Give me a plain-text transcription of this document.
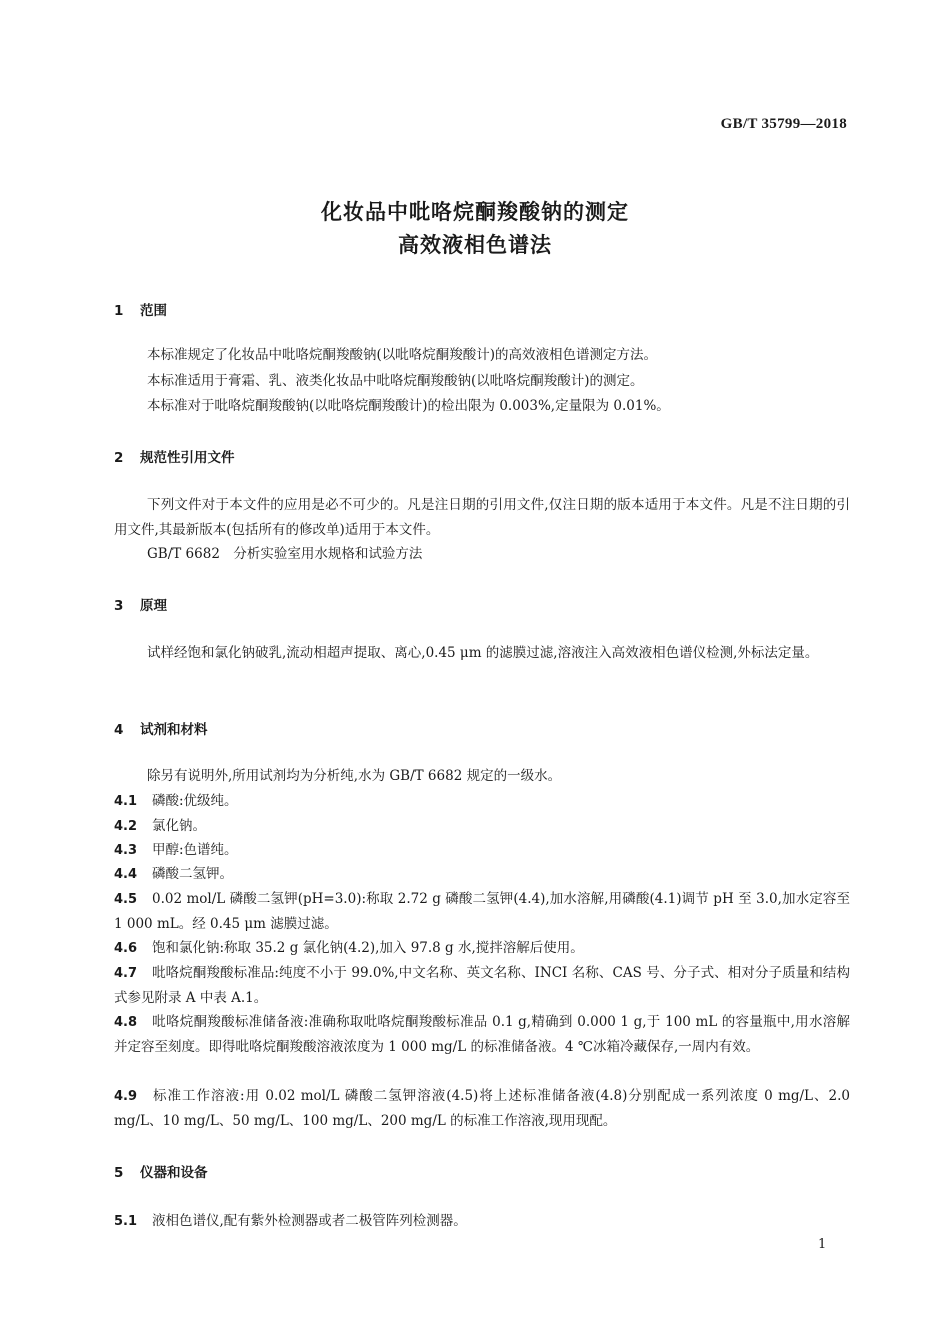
GB/T 35799—2018
化妆品中吡咯烷酮羧酸钠的测定
高效液相色谱法
1 范围
本标准规定了化妆品中吡咯烷酮羧酸钠(以吡咯烷酮羧酸计)的高效液相色谱测定方法。
本标准适用于膏霜、乳、液类化妆品中吡咯烷酮羧酸钠(以吡咯烷酮羧酸计)的测定。
本标准对于吡咯烷酮羧酸钠(以吡咯烷酮羧酸计)的检出限为 0.003%,定量限为 0.01%。
2 规范性引用文件
下列文件对于本文件的应用是必不可少的。凡是注日期的引用文件,仅注日期的版本适用于本文件。凡是不注日期的引用文件,其最新版本(包括所有的修改单)适用于本文件。
GB/T 6682　分析实验室用水规格和试验方法
3 原理
试样经饱和氯化钠破乳,流动相超声提取、离心,0.45 μm 的滤膜过滤,溶液注入高效液相色谱仪检测,外标法定量。
4 试剂和材料
除另有说明外,所用试剂均为分析纯,水为 GB/T 6682 规定的一级水。
4.1 磷酸:优级纯。
4.2 氯化钠。
4.3 甲醇:色谱纯。
4.4 磷酸二氢钾。
4.5 0.02 mol/L 磷酸二氢钾(pH=3.0):称取 2.72 g 磷酸二氢钾(4.4),加水溶解,用磷酸(4.1)调节 pH 至 3.0,加水定容至 1 000 mL。经 0.45 μm 滤膜过滤。
4.6 饱和氯化钠:称取 35.2 g 氯化钠(4.2),加入 97.8 g 水,搅拌溶解后使用。
4.7 吡咯烷酮羧酸标准品:纯度不小于 99.0%,中文名称、英文名称、INCI 名称、CAS 号、分子式、相对分子质量和结构式参见附录 A 中表 A.1。
4.8 吡咯烷酮羧酸标准储备液:准确称取吡咯烷酮羧酸标准品 0.1 g,精确到 0.000 1 g,于 100 mL 的容量瓶中,用水溶解并定容至刻度。即得吡咯烷酮羧酸溶液浓度为 1 000 mg/L 的标准储备液。4 ℃冰箱冷藏保存,一周内有效。
4.9 标准工作溶液:用 0.02 mol/L 磷酸二氢钾溶液(4.5)将上述标准储备液(4.8)分别配成一系列浓度 0 mg/L、2.0 mg/L、10 mg/L、50 mg/L、100 mg/L、200 mg/L 的标准工作溶液,现用现配。
5 仪器和设备
5.1 液相色谱仪,配有紫外检测器或者二极管阵列检测器。
1
